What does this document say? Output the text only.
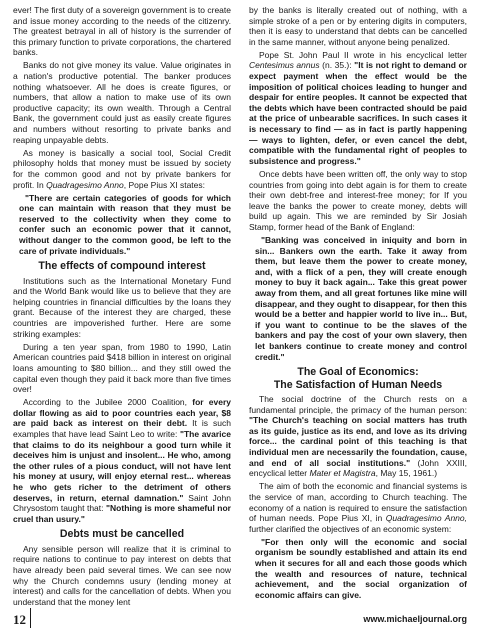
ever! The first duty of a sovereign government is to create and issue money according to the needs of the citizenry. The greatest betrayal in all of history is the surrender of this primary function to private corporations, the chartered banks.

Banks do not give money its value. Value originates in a nation's productive potential. The banker produces nothing whatsoever. All he does is create figures, or numbers, that allow a nation to make use of its own productive capacity; its own wealth. Through a Central Bank, the government could just as easily create figures and numbers without resorting to private banks and reaping unpayable debts.

As money is basically a social tool, Social Credit philosophy holds that money must be issued by society for the common good and not by private bankers for profit. In Quadragesimo Anno, Pope Pius XI states:

"There are certain categories of goods for which one can maintain with reason that they must be reserved to the collectivity when they come to confer such an economic power that it cannot, without danger to the common good, be left to the care of private individuals."

The effects of compound interest

Institutions such as the International Monetary Fund and the World Bank would like us to believe that they are helping countries in financial difficulties by the loans they grant. Because of the interest they are charged, these countries are impoverished further. Here are some striking examples:

During a ten year span, from 1980 to 1990, Latin American countries paid $418 billion in interest on original loans amounting to $80 billion... and they still owed the capital even though they paid it back more than five times over!

According to the Jubilee 2000 Coalition, for every dollar flowing as aid to poor countries each year, $8 are paid back as interest on their debt. It is such examples that have lead Saint Leo to write: "The avarice that claims to do its neighbour a good turn while it deceives him is unjust and insolent... He who, among the other rules of a pious conduct, will not have lent his money at usury, will enjoy eternal rest... whereas he who gets richer to the detriment of others deserves, in return, eternal damnation." Saint John Chrysostom taught that: "Nothing is more shameful nor cruel than usury."

Debts must be cancelled

Any sensible person will realize that it is criminal to require nations to continue to pay interest on debts that have already been paid several times. We can see now why the Church condemns usury (lending money at interest) and calls for the cancellation of debts. When you understand that the money lent

by the banks is literally created out of nothing, with a simple stroke of a pen or by entering digits in computers, then it is easy to understand that debts can be cancelled in the same manner, without anyone being penalized.

Pope St. John Paul II wrote in his encyclical letter Centesimus annus (n. 35.): "It is not right to demand or expect payment when the effect would be the imposition of political choices leading to hunger and despair for entire peoples. It cannot be expected that the debts which have been contracted should be paid at the price of unbearable sacrifices. In such cases it is necessary to find — as in fact is partly happening — ways to lighten, defer, or even cancel the debt, compatible with the fundamental right of peoples to subsistence and progress."

Once debts have been written off, the only way to stop countries from going into debt again is for them to create their own debt-free and interest-free money; for If you leave the banks the power to create money, debts will build up again. This we are reminded by Sir Josiah Stamp, former head of the Bank of England:

"Banking was conceived in iniquity and born in sin... Bankers own the earth. Take it away from them, but leave them the power to create money, and, with a flick of a pen, they will create enough money to buy it back again... Take this great power away from them, and all great fortunes like mine will disappear, and they ought to disappear, for then this would be a better and happier world to live in... But, if you want to continue to be the slaves of the bankers and pay the cost of your own slavery, then let bankers continue to create money and control credit."

The Goal of Economics:
The Satisfaction of Human Needs

The social doctrine of the Church rests on a fundamental principle, the primacy of the human person: "The Church's teaching on social matters has truth as its guide, justice as its end, and love as its driving force... the cardinal point of this teaching is that individual men are necessarily the foundation, cause, and end of all social institutions." (John XXIII, encyclical letter Mater et Magistra, May 15, 1961.)

The aim of both the economic and financial systems is the service of man, according to Church teaching. The economy of a nation is required to ensure the satisfaction of human needs. Pope Pius XI, in Quadragesimo Anno, further clarified the objectives of an economic system:

"For then only will the economic and social organism be soundly established and attain its end when it secures for all and each those goods which the wealth and resources of nature, technical achievement, and the social organization of economic affairs can give.

12	www.michaeljournal.org
